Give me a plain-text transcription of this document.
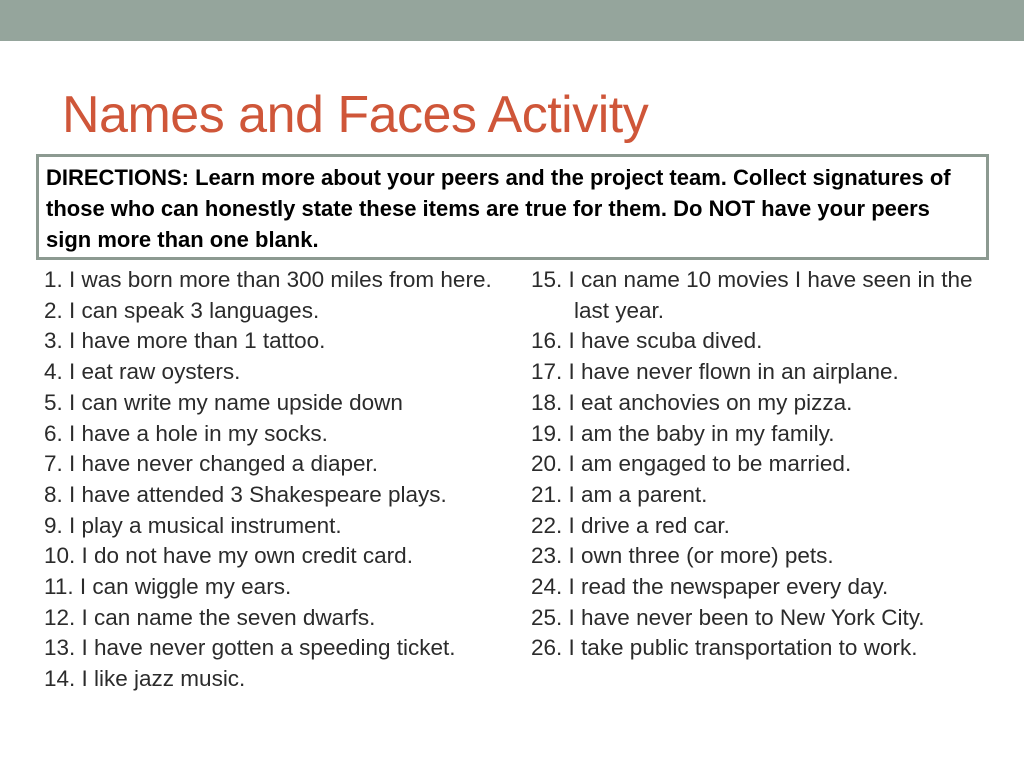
Names and Faces Activity
DIRECTIONS: Learn more about your peers and the project team. Collect signatures of those who can honestly state these items are true for them. Do NOT have your peers sign more than one blank.
1. I was born more than 300 miles from here.
2. I can speak 3 languages.
3. I have more than 1 tattoo.
4. I eat raw oysters.
5. I can write my name upside down
6. I have a hole in my socks.
7. I have never changed a diaper.
8. I have attended 3 Shakespeare plays.
9. I play a musical instrument.
10. I do not have my own credit card.
11. I can wiggle my ears.
12. I can name the seven dwarfs.
13. I have never gotten a speeding ticket.
14. I like jazz music.
15. I can name 10 movies I have seen in the last year.
16. I have scuba dived.
17. I have never flown in an airplane.
18. I eat anchovies on my pizza.
19. I am the baby in my family.
20. I am engaged to be married.
21. I am a parent.
22. I drive a red car.
23. I own three (or more) pets.
24. I read the newspaper every day.
25. I have never been to New York City.
26. I take public transportation to work.
